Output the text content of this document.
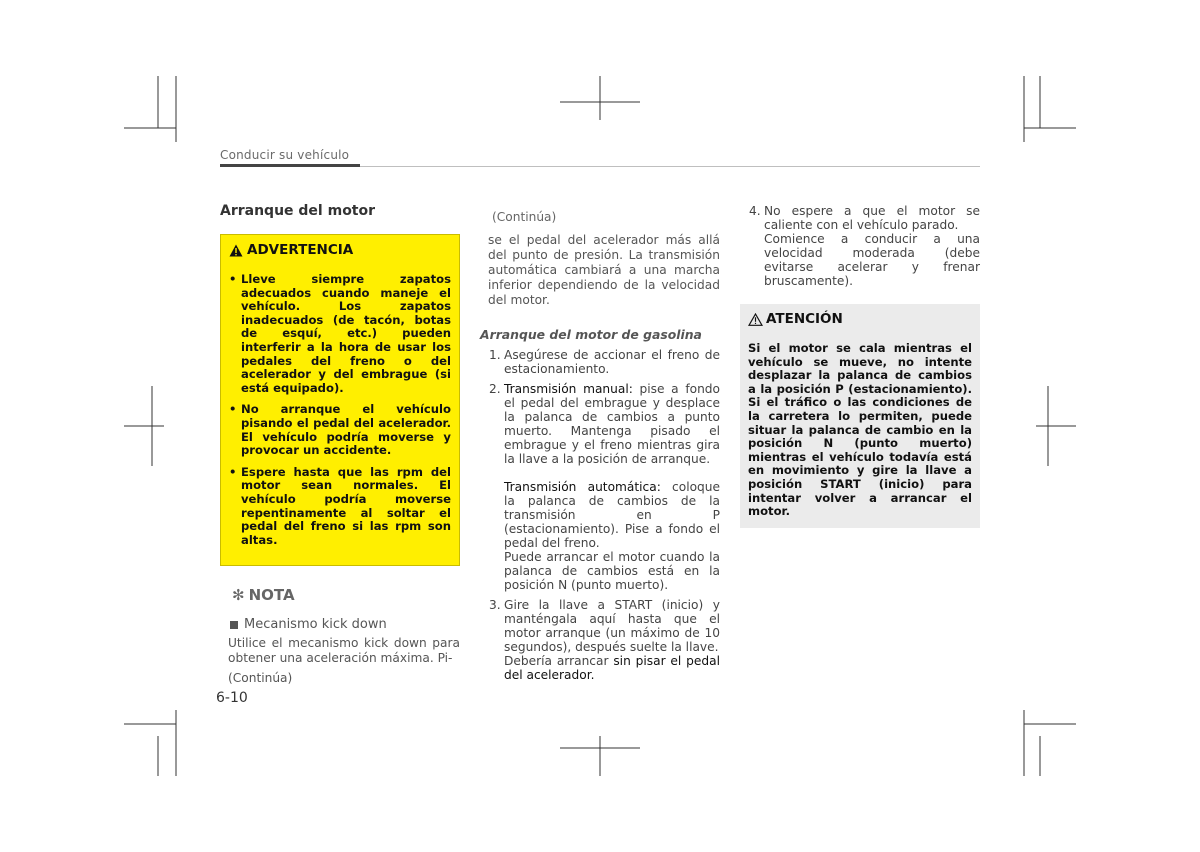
Conducir su vehículo
Arranque del motor
ADVERTENCIA
• Lleve siempre zapatos adecuados cuando maneje el vehículo. Los zapatos inadecuados (de tacón, botas de esquí, etc.) pueden interferir a la hora de usar los pedales del freno o del acelerador y del embrague (si está equipado).
• No arranque el vehículo pisando el pedal del acelerador. El vehículo podría moverse y provocar un accidente.
• Espere hasta que las rpm del motor sean normales. El vehículo podría moverse repentinamente al soltar el pedal del freno si las rpm son altas.
✻ NOTA
Mecanismo kick down
Utilice el mecanismo kick down para obtener una aceleración máxima. Pi-
(Continúa)
(Continúa)
se el pedal del acelerador más allá del punto de presión. La transmisión automática cambiará a una marcha inferior dependiendo de la velocidad del motor.
Arranque del motor de gasolina
1. Asegúrese de accionar el freno de estacionamiento.
2. Transmisión manual: pise a fondo el pedal del embrague y desplace la palanca de cambios a punto muerto. Mantenga pisado el embrague y el freno mientras gira la llave a la posición de arranque.
Transmisión automática: coloque la palanca de cambios de la transmisión en P (estacionamiento). Pise a fondo el pedal del freno.
Puede arrancar el motor cuando la palanca de cambios está en la posición N (punto muerto).
3. Gire la llave a START (inicio) y manténgala aquí hasta que el motor arranque (un máximo de 10 segundos), después suelte la llave.
Debería arrancar sin pisar el pedal del acelerador.
4. No espere a que el motor se caliente con el vehículo parado.
Comience a conducir a una velocidad moderada (debe evitarse acelerar y frenar bruscamente).
ATENCIÓN
Si el motor se cala mientras el vehículo se mueve, no intente desplazar la palanca de cambios a la posición P (estacionamiento). Si el tráfico o las condiciones de la carretera lo permiten, puede situar la palanca de cambio en la posición N (punto muerto) mientras el vehículo todavía está en movimiento y gire la llave a posición START (inicio) para intentar volver a arrancar el motor.
6-10
